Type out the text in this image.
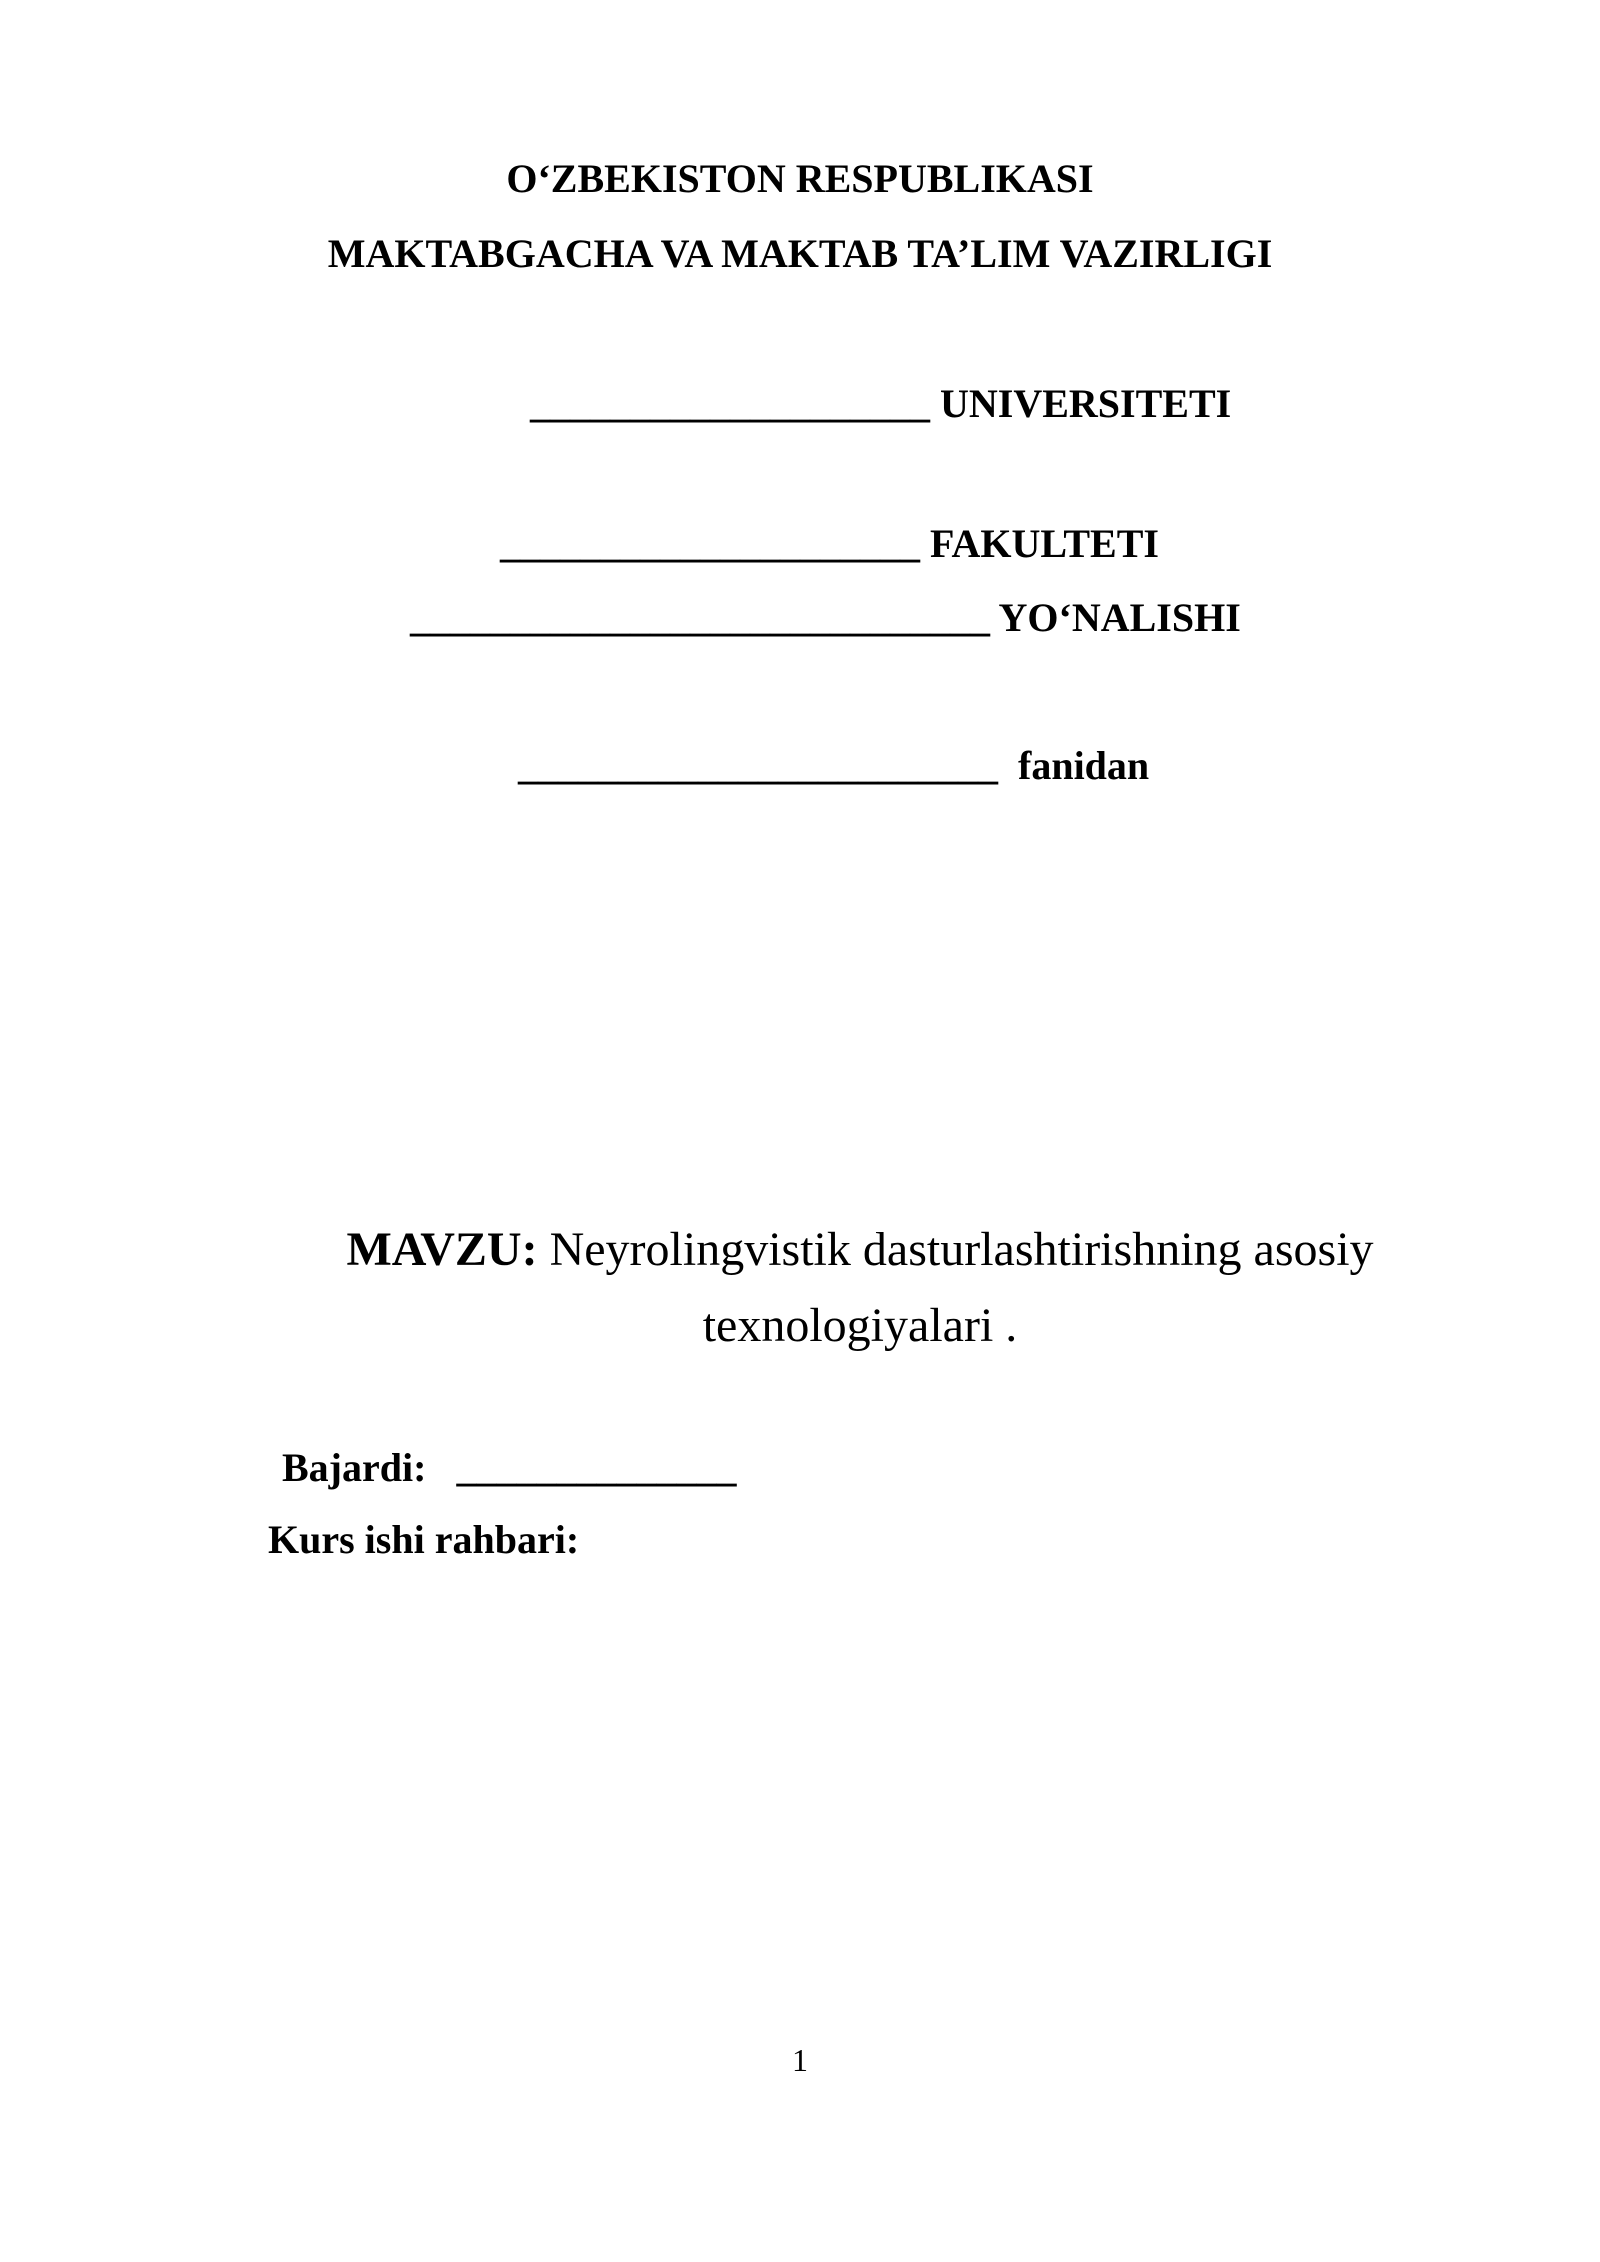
O‘ZBEKISTON RESPUBLIKASI
MAKTABGACHA VA MAKTAB TA’LIM VAZIRLIGI
____________________ UNIVERSITETI
_____________________ FAKULTETI
_____________________________ YO‘NALISHI
________________________ fanidan
MAVZU: Neyrolingvistik dasturlashtirishning asosiy
texnologiyalari .
Bajardi: ______________
Kurs ishi rahbari:
1
